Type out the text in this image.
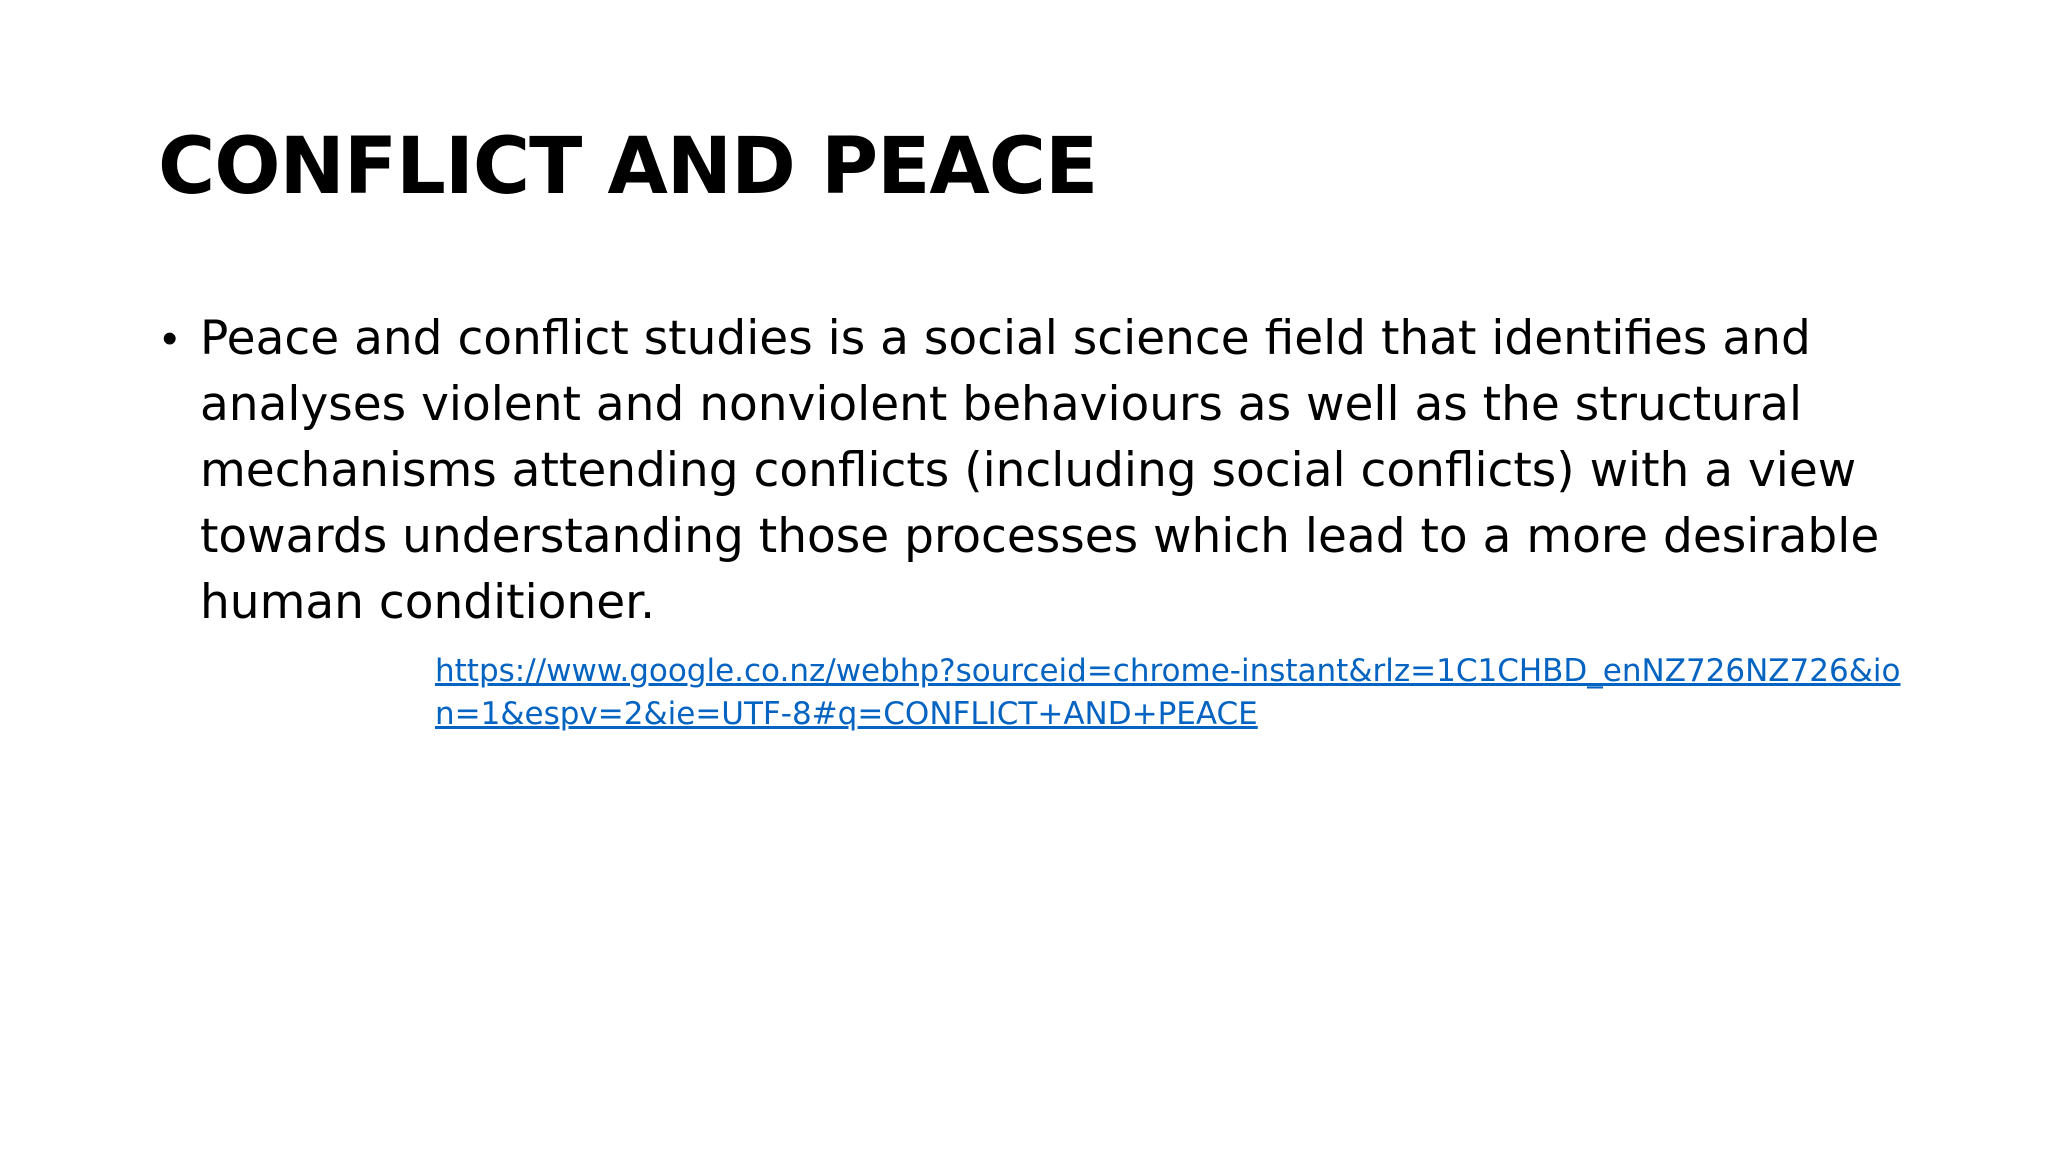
CONFLICT AND PEACE
• Peace and conflict studies is a social science field that identifies and analyses violent and nonviolent behaviours as well as the structural mechanisms attending conflicts (including social conflicts) with a view towards understanding those processes which lead to a more desirable human conditioner.
https://www.google.co.nz/webhp?sourceid=chrome-instant&rlz=1C1CHBD_enNZ726NZ726&ion=1&espv=2&ie=UTF-8#q=CONFLICT+AND+PEACE
